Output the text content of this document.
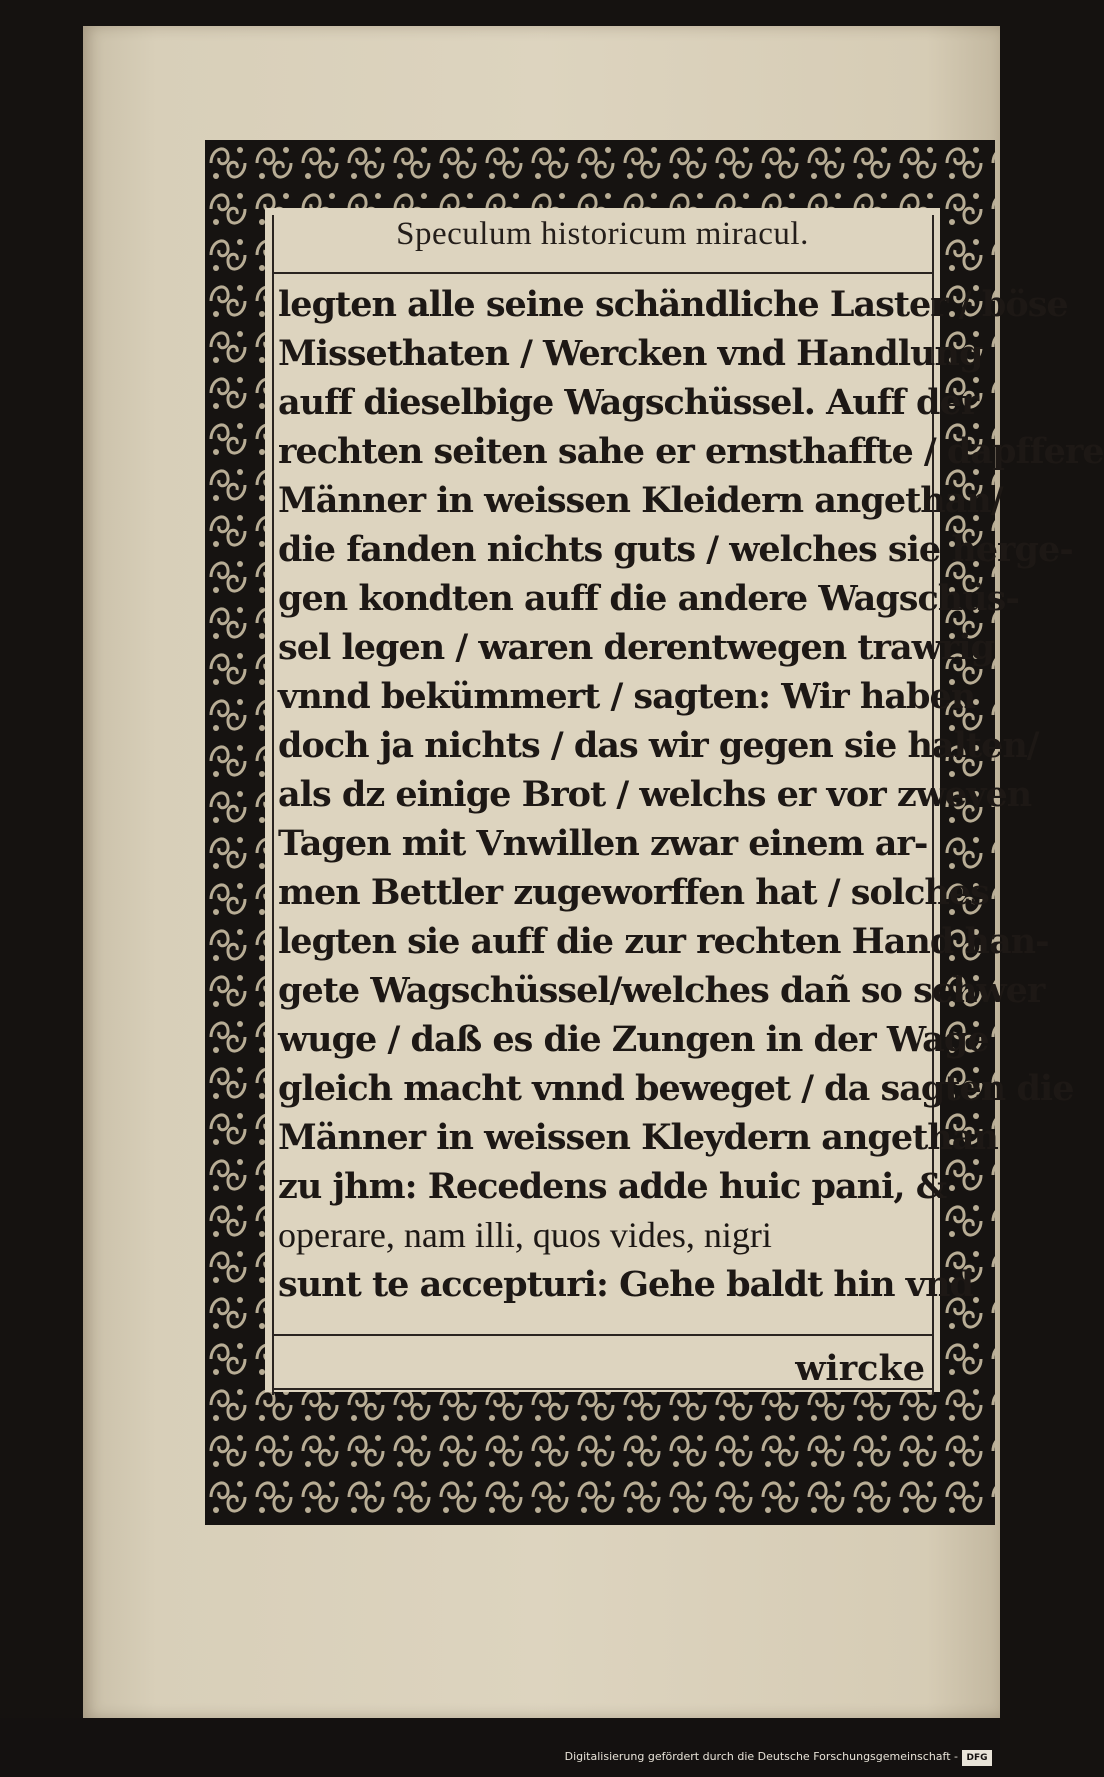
Speculum historicum miracul.
legten alle seine schändliche Laster / böse
Missethaten / Wercken vnd Handlung
auff dieselbige Wagschüssel. Auff der
rechten seiten sahe er ernsthaffte / dapffere
Männer in weissen Kleidern angethan/
die fanden nichts guts / welches sie herge-
gen kondten auff die andere Wagschüs-
sel legen / waren derentwegen trawrig
vnnd bekümmert / sagten: Wir haben
doch ja nichts / das wir gegen sie halten/
als dz einige Brot / welchs er vor zweyen
Tagen mit Vnwillen zwar einem ar-
men Bettler zugeworffen hat / solches
legten sie auff die zur rechten Hand han-
gete Wagschüssel/welches dañ so schwer
wuge / daß es die Zungen in der Wage
gleich macht vnnd beweget / da sagten die
Männer in weissen Kleydern angethan
zu jhm: Recedens adde huic pani, &
operare, nam illi, quos vides, nigri
sunt te accepturi: Gehe baldt hin vnd
wircke
Digitalisierung gefördert durch die Deutsche Forschungsgemeinschaft - DFG
